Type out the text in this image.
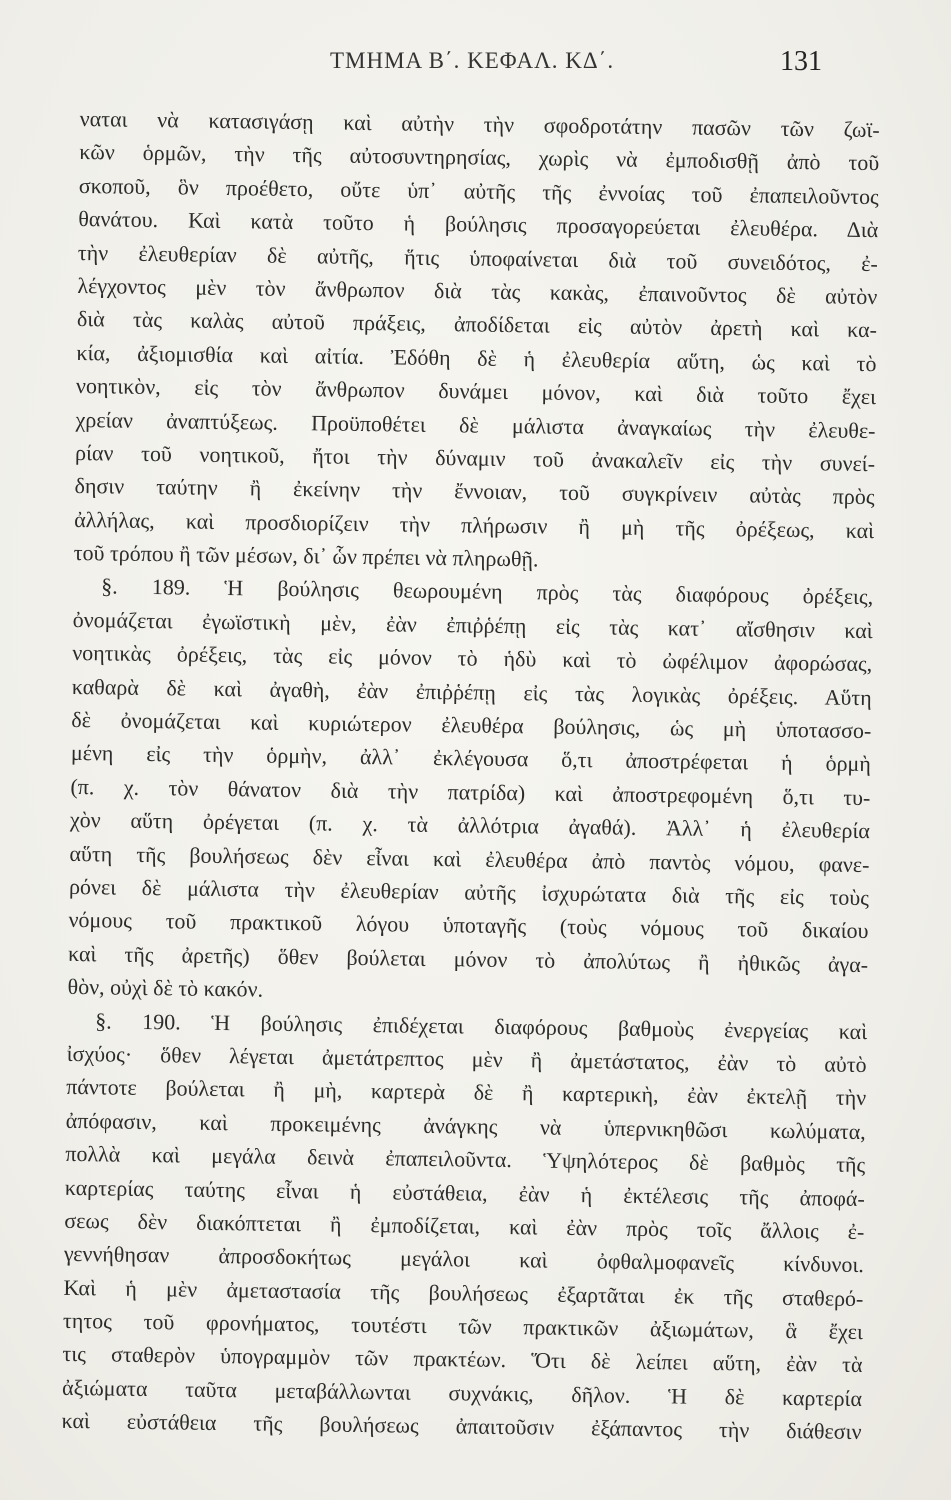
ΤΜΗΜΑ Β΄. ΚΕΦΑΛ. ΚΔ΄.	131
ναται νὰ κατασιγάσῃ καὶ αὐτὴν τὴν σφοδροτάτην πασῶν τῶν ζωϊ-
κῶν ὁρμῶν, τὴν τῆς αὐτοσυντηρησίας, χωρὶς νὰ ἐμποδισθῇ ἀπὸ τοῦ
σκοποῦ, ὃν προέθετο, οὔτε ὑπ᾽ αὐτῆς τῆς ἐννοίας τοῦ ἐπαπειλοῦντος
θανάτου. Καὶ κατὰ τοῦτο ἡ βούλησις προσαγορεύεται ἐλευθέρα. Διὰ
τὴν ἐλευθερίαν δὲ αὐτῆς, ἥτις ὑποφαίνεται διὰ τοῦ συνειδότος, ἐ-
λέγχοντος μὲν τὸν ἄνθρωπον διὰ τὰς κακὰς, ἐπαινοῦντος δὲ αὐτὸν
διὰ τὰς καλὰς αὐτοῦ πράξεις, ἀποδίδεται εἰς αὐτὸν ἀρετὴ καὶ κα-
κία, ἀξιομισθία καὶ αἰτία. Ἐδόθη δὲ ἡ ἐλευθερία αὕτη, ὡς καὶ τὸ
νοητικὸν, εἰς τὸν ἄνθρωπον δυνάμει μόνον, καὶ διὰ τοῦτο ἔχει
χρείαν ἀναπτύξεως. Προϋποθέτει δὲ μάλιστα ἀναγκαίως τὴν ἐλευθε-
ρίαν τοῦ νοητικοῦ, ἤτοι τὴν δύναμιν τοῦ ἀνακαλεῖν εἰς τὴν συνεί-
δησιν ταύτην ἢ ἐκείνην τὴν ἔννοιαν, τοῦ συγκρίνειν αὐτὰς πρὸς
ἀλλήλας, καὶ προσδιορίζειν τὴν πλήρωσιν ἢ μὴ τῆς ὀρέξεως, καὶ
τοῦ τρόπου ἢ τῶν μέσων, δι᾽ ὧν πρέπει νὰ πληρωθῇ.
§. 189. Ἡ βούλησις θεωρουμένη πρὸς τὰς διαφόρους ὀρέξεις,
ὀνομάζεται ἐγωϊστικὴ μὲν, ἐὰν ἐπιῤῥέπῃ εἰς τὰς κατ᾽ αἴσθησιν καὶ
νοητικὰς ὀρέξεις, τὰς εἰς μόνον τὸ ἡδὺ καὶ τὸ ὠφέλιμον ἀφορώσας,
καθαρὰ δὲ καὶ ἀγαθὴ, ἐὰν ἐπιῤῥέπῃ εἰς τὰς λογικὰς ὀρέξεις. Αὕτη
δὲ ὀνομάζεται καὶ κυριώτερον ἐλευθέρα βούλησις, ὡς μὴ ὑποτασσο-
μένη εἰς τὴν ὁρμὴν, ἀλλ᾽ ἐκλέγουσα ὅ,τι ἀποστρέφεται ἡ ὁρμὴ
(π. χ. τὸν θάνατον διὰ τὴν πατρίδα) καὶ ἀποστρεφομένη ὅ,τι τυ-
χὸν αὕτη ὀρέγεται (π. χ. τὰ ἀλλότρια ἀγαθά). Ἀλλ᾽ ἡ ἐλευθερία
αὕτη τῆς βουλήσεως δὲν εἶναι καὶ ἐλευθέρα ἀπὸ παντὸς νόμου, φανε-
ρόνει δὲ μάλιστα τὴν ἐλευθερίαν αὐτῆς ἰσχυρώτατα διὰ τῆς εἰς τοὺς
νόμους τοῦ πρακτικοῦ λόγου ὑποταγῆς (τοὺς νόμους τοῦ δικαίου
καὶ τῆς ἀρετῆς) ὅθεν βούλεται μόνον τὸ ἀπολύτως ἢ ἠθικῶς ἀγα-
θὸν, οὐχὶ δὲ τὸ κακόν.
§. 190. Ἡ βούλησις ἐπιδέχεται διαφόρους βαθμοὺς ἐνεργείας καὶ
ἰσχύος· ὅθεν λέγεται ἀμετάτρεπτος μὲν ἢ ἀμετάστατος, ἐὰν τὸ αὐτὸ
πάντοτε βούλεται ἢ μὴ, καρτερὰ δὲ ἢ καρτερικὴ, ἐὰν ἐκτελῇ τὴν
ἀπόφασιν, καὶ προκειμένης ἀνάγκης νὰ ὑπερνικηθῶσι κωλύματα,
πολλὰ καὶ μεγάλα δεινὰ ἐπαπειλοῦντα. Ὑψηλότερος δὲ βαθμὸς τῆς
καρτερίας ταύτης εἶναι ἡ εὐστάθεια, ἐὰν ἡ ἐκτέλεσις τῆς ἀποφά-
σεως δὲν διακόπτεται ἢ ἐμποδίζεται, καὶ ἐὰν πρὸς τοῖς ἄλλοις ἐ-
γεννήθησαν ἀπροσδοκήτως μεγάλοι καὶ ὀφθαλμοφανεῖς κίνδυνοι.
Καὶ ἡ μὲν ἀμεταστασία τῆς βουλήσεως ἐξαρτᾶται ἐκ τῆς σταθερό-
τητος τοῦ φρονήματος, τουτέστι τῶν πρακτικῶν ἀξιωμάτων, ἃ ἔχει
τις σταθερὸν ὑπογραμμὸν τῶν πρακτέων. Ὅτι δὲ λείπει αὕτη, ἐὰν τὰ
ἀξιώματα ταῦτα μεταβάλλωνται συχνάκις, δῆλον. Ἡ δὲ καρτερία
καὶ εὐστάθεια τῆς βουλήσεως ἀπαιτοῦσιν ἐξάπαντος τὴν διάθεσιν
